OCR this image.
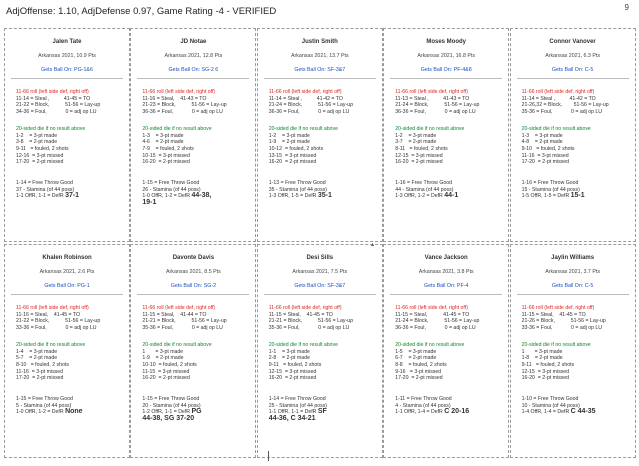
9
AdjOffense: 1.10, AdjDefense 0.97, Game Rating -4 - VERIFIED
Jalen Tate
Arkansas 2021, 10.9 Pts
Gets Ball On: PG-1&6
11-66 roll (left side def, right off)
11-14 = Steal ,          41-45 = TO
21-22 = Block,           51-56 = Lay-up
34-36 = Foul,             0 = adj op LU
20-sided die if no result above
1-2    = 3-pt made
3-8    = 2-pt made
9-11   = fouled, 2 shots
12-16  = 3-pt missed
17-20  = 2-pt missed
1-14 = Free Throw Good
37 - Stamina (of 44 poss)
1-1 OffR, 1-1 = DefR 37-1
JD Notae
Arkansas 2021, 12.8 Pts
Gets Ball On: SG-2 6
11-66 roll (left side def, right off)
11-16 = Steal,    41-43 = TO
21-23 = Block,           51-56 = Lay-up
36-36 = Foul,             0 = adj op LU
20-sided die if no result above
1-3    = 3-pt made
4-6    = 2-pt made
7-9    = fouled, 2 shots
10-15  = 3-pt missed
16-20  = 2-pt missed
1-15 = Free Throw Good
26 - Stamina (of 44 poss)
1-0 OffR, 1-2 = DefR 44-38,
19-1
Justin Smith
Arkansas 2021, 13.7 Pts
Gets Ball On: SF-3&7
11-66 roll (left side def, right off)
11-14 = Steal ,          41-42 = TO
21-24 = Block,           51-56 = Lay-up
36-36 = Foul,             0 = adj op LU
20-sided die if no result above
1-2    = 3-pt made
1-9    = 2-pt made
10-12  = fouled, 2 shots
13-15  = 3-pt missed
16-20  = 2-pt missed
1-13 = Free Throw Good
35 - Stamina (of 44 poss)
1-3 OffR, 1-5 = DefR 35-1
Moses Moody
Arkansas 2021, 16.8 Pts
Gets Ball On: PF-4&8
11-66 roll (left side def, right off)
11-13 = Steal ,          41-43 = TO
21-24 = Block,           51-56 = Lay-up
36-36 = Foul,             0 = adj op LU
20-sided die if no result above
1-2    = 3-pt made
3-7    = 2-pt made
8-11   = fouled, 2 shots
12-15  = 3-pt missed
16-20  = 2-pt missed
1-16 = Free Throw Good
44 - Stamina (of 44 poss)
1-3 OffR, 1-2 = DefR 44-1
Connor Vanover
Arkansas 2021, 6.3 Pts
Gets Ball On: C-5
11-66 roll (left side def, right off)
11-14 = Steal ,          41-42 = TO
21-26,32 = Block,        51-56 = Lay-up
35-36 = Foul,             0 = adj op LU
20-sided die if no result above
1-3    = 3-pt made
4-8    = 2-pt made
9-10   = fouled, 2 shots
11-16  = 3-pt missed
17-20  = 2-pt missed
1-16 = Free Throw Good
15 - Stamina (of 44 poss)
1-5 OffR, 1-5 = DefR 15-1
Khalen Robinson
Arkansas 2021, 2.6 Pts
Gets Ball On: PG-1
11-66 roll (left side def, right off)
11-16 = Steal,    41-45 = TO
21-22 = Block,           51-56 = Lay-up
33-36 = Foul,             0 = adj op LU
20-sided die if no result above
1-4    = 3-pt made
5-7    = 2-pt made
8-10   = fouled, 2 shots
11-16  = 3-pt missed
17-20  = 2-pt missed
1-15 = Free Throw Good
5 - Stamina (of 44 poss)
1-0 OffR, 1-2 = DefR None
Davonte Davis
Arkansas 2021, 8.5 Pts
Gets Ball On: SG-2
11-66 roll (left side def, right off)
11-15 = Steal,    41-44 = TO
21-21 = Block,           51-56 = Lay-up
35-36 = Foul,             0 = adj op LU
20-sided die if no result above
1       = 3-pt made
1-9    = 2-pt made
10-10  = fouled, 2 shots
11-15  = 3-pt missed
16-20  = 2-pt missed
1-15 = Free Throw Good
20 - Stamina (of 44 poss)
1-2 OffR, 1-1 = DefR PG
44-38, SG 37-20
Desi Sills
Arkansas 2021, 7.5 Pts
Gets Ball On: SF-3&7
11-66 roll (left side def, right off)
11-15 = Steal,    41-45 = TO
21-21 = Block,           51-56 = Lay-up
35-36 = Foul,             0 = adj op LU
20-sided die if no result above
1-1    = 3-pt made
2-8    = 2-pt made
9-11   = fouled, 2 shots
12-15  = 3-pt missed
16-20  = 2-pt missed
1-14 = Free Throw Good
25 - Stamina (of 44 poss)
1-1 OffR, 1-1 = DefR SF
44-36, C 34-21
Vance Jackson
Arkansas 2021, 3.8 Pts
Gets Ball On: PF-4
11-66 roll (left side def, right off)
11-15 = Steal,           41-45 = TO
21-24 = Block,           51-56 = Lay-up
36-36 = Foul,             0 = adj op LU
20-sided die if no result above
1-5    = 3-pt made
6-7    = 2-pt made
8-8    = fouled, 2 shots
9-16   = 3-pt missed
17-20  = 2-pt missed
1-11 = Free Throw Good
4 - Stamina (of 44 poss)
1-1 OffR, 1-4 = DefR C 20-16
Jaylin Williams
Arkansas 2021, 3.7 Pts
Gets Ball On: C-5
11-66 roll (left side def, right off)
11-15 = Steal,    41-45 = TO
21-26 = Block,           51-56 = Lay-up
33-36 = Foul,             0 = adj op LU
20-sided die if no result above
1       = 3-pt made
1-8    = 2-pt made
9-11   = fouled, 2 shots
12-15  = 3-pt missed
16-20  = 2-pt missed
1-10 = Free Throw Good
10 - Stamina (of 44 poss)
1-4 OffR, 1-4 = DefR C 44-35
▴
